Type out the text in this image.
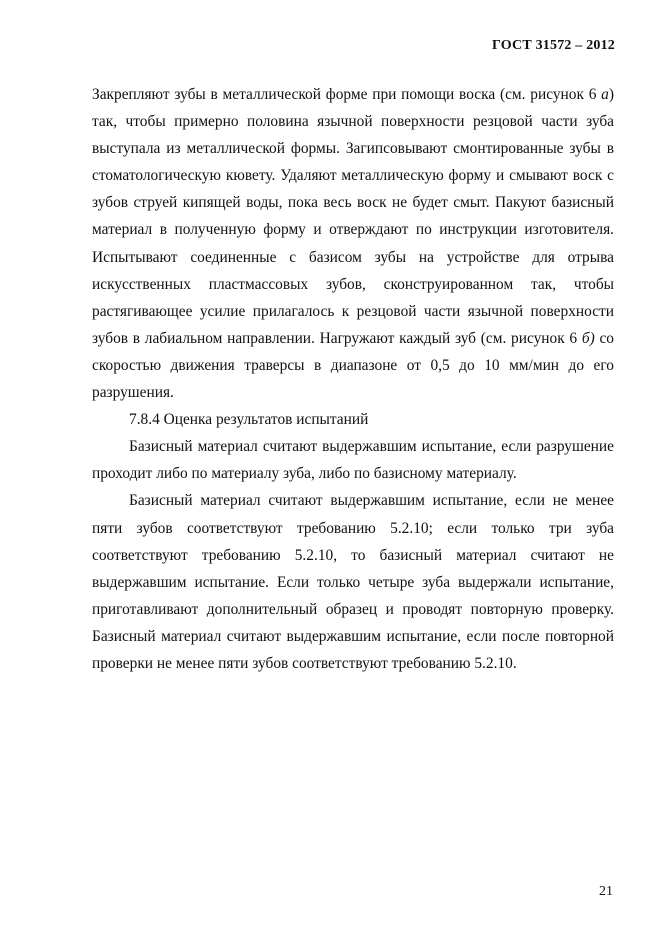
ГОСТ 31572 – 2012

Закрепляют зубы в металлической форме при помощи воска (см. рисунок 6 а) так, чтобы примерно половина язычной поверхности резцовой части зуба выступала из металлической формы. Загипсовывают смонтированные зубы в стоматологическую кювету. Удаляют металлическую форму и смывают воск с зубов струей кипящей воды, пока весь воск не будет смыт. Пакуют базисный материал в полученную форму и отверждают по инструкции изготовителя. Испытывают соединенные с базисом зубы на устройстве для отрыва искусственных пластмассовых зубов, сконструированном так, чтобы растягивающее усилие прилагалось к резцовой части язычной поверхности зубов в лабиальном направлении. Нагружают каждый зуб (см. рисунок 6 б) со скоростью движения траверсы в диапазоне от 0,5 до 10 мм/мин до его разрушения.

7.8.4 Оценка результатов испытаний

Базисный материал считают выдержавшим испытание, если разрушение проходит либо по материалу зуба, либо по базисному материалу.

Базисный материал считают выдержавшим испытание, если не менее пяти зубов соответствуют требованию 5.2.10; если только три зуба соответствуют требованию 5.2.10, то базисный материал считают не выдержавшим испытание. Если только четыре зуба выдержали испытание, приготавливают дополнительный образец и проводят повторную проверку. Базисный материал считают выдержавшим испытание, если после повторной проверки не менее пяти зубов соответствуют требованию 5.2.10.

21
